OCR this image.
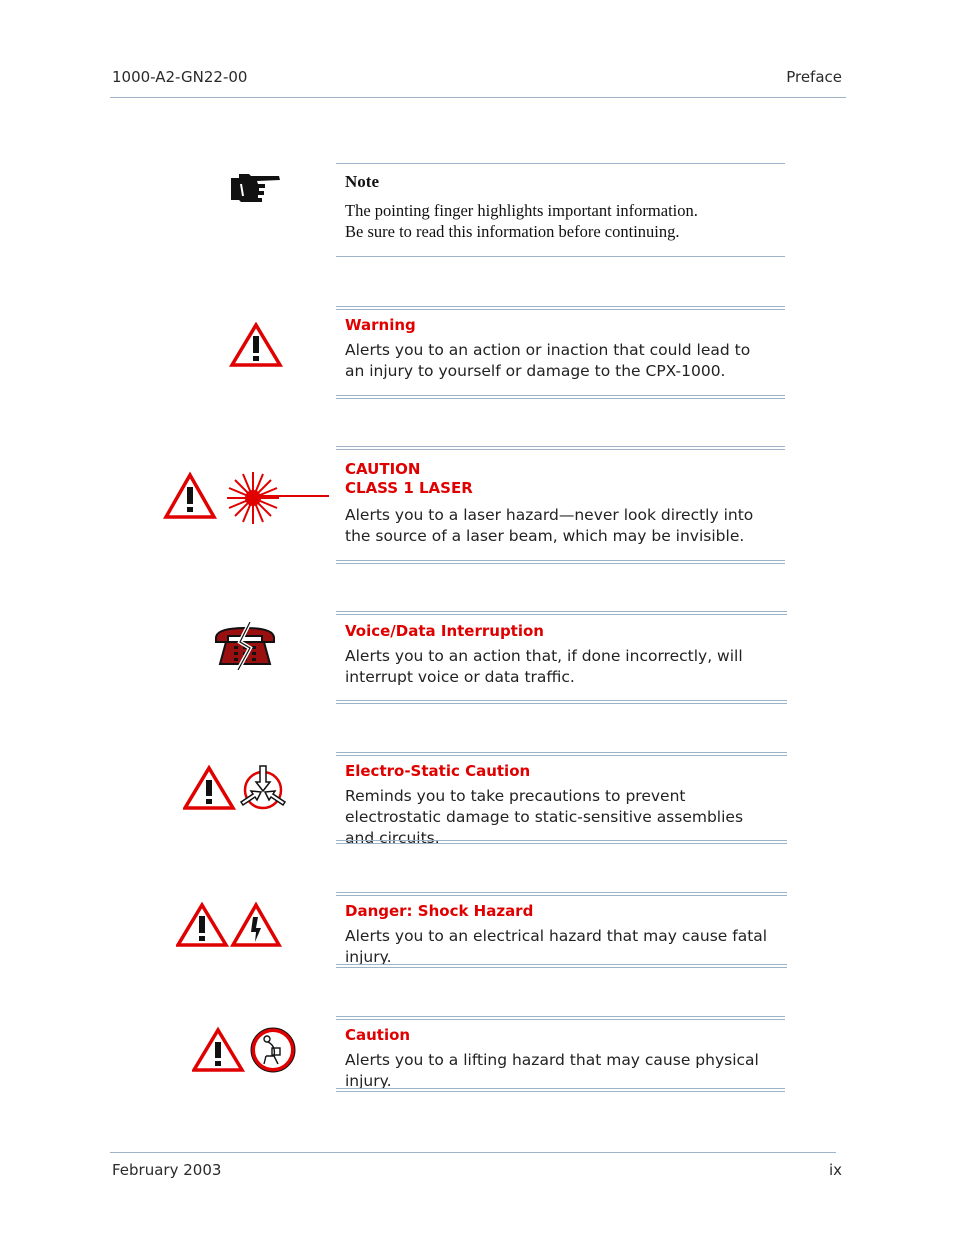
1000-A2-GN22-00	Preface

Note

The pointing finger highlights important information.
Be sure to read this information before continuing.

Warning

Alerts you to an action or inaction that could lead to an injury to yourself or damage to the CPX-1000.

CAUTION

CLASS 1 LASER

Alerts you to a laser hazard—never look directly into the source of a laser beam, which may be invisible.

Voice/Data Interruption

Alerts you to an action that, if done incorrectly, will interrupt voice or data traffic.

Electro-Static Caution

Reminds you to take precautions to prevent electrostatic damage to static-sensitive assemblies and circuits.

Danger: Shock Hazard

Alerts you to an electrical hazard that may cause fatal injury.

Caution

Alerts you to a lifting hazard that may cause physical injury.

February 2003	ix
